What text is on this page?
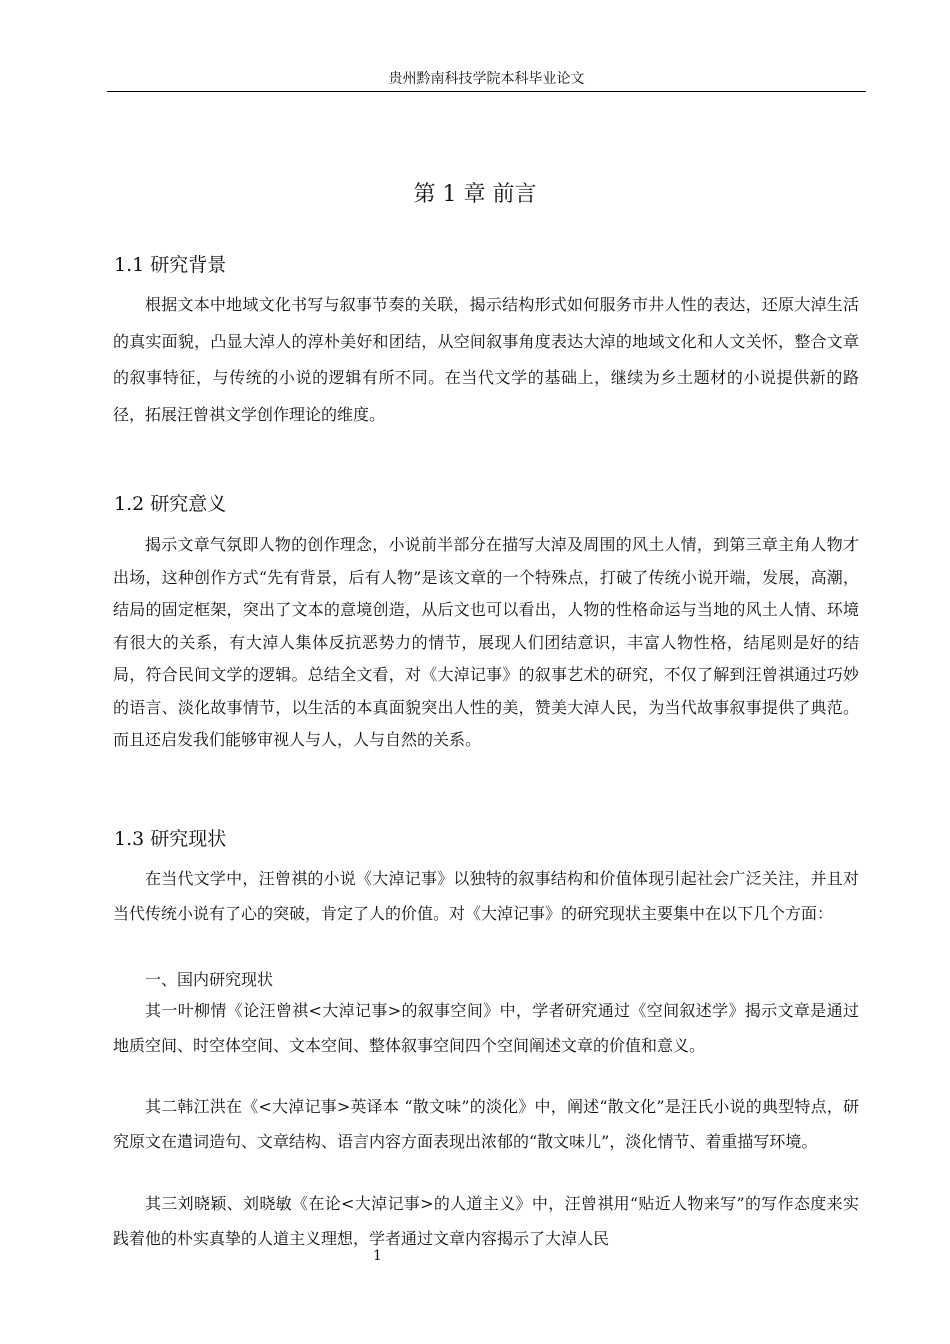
贵州黔南科技学院本科毕业论文
第 1 章 前言
1.1 研究背景

根据文本中地域文化书写与叙事节奏的关联，揭示结构形式如何服务市井人性的表达，还原大淖生活的真实面貌，凸显大淖人的淳朴美好和团结，从空间叙事角度表达大淖的地域文化和人文关怀，整合文章的叙事特征，与传统的小说的逻辑有所不同。在当代文学的基础上，继续为乡土题材的小说提供新的路径，拓展汪曾祺文学创作理论的维度。

1.2 研究意义

揭示文章气氛即人物的创作理念，小说前半部分在描写大淖及周围的风土人情，到第三章主角人物才出场，这种创作方式“先有背景，后有人物”是该文章的一个特殊点，打破了传统小说开端，发展，高潮，结局的固定框架，突出了文本的意境创造，从后文也可以看出，人物的性格命运与当地的风土人情、环境有很大的关系，有大淖人集体反抗恶势力的情节，展现人们团结意识，丰富人物性格，结尾则是好的结局，符合民间文学的逻辑。总结全文看，对《大淖记事》的叙事艺术的研究，不仅了解到汪曾祺通过巧妙的语言、淡化故事情节，以生活的本真面貌突出人性的美，赞美大淖人民，为当代故事叙事提供了典范。而且还启发我们能够审视人与人，人与自然的关系。

1.3 研究现状

在当代文学中，汪曾祺的小说《大淖记事》以独特的叙事结构和价值体现引起社会广泛关注，并且对当代传统小说有了心的突破，肯定了人的价值。对《大淖记事》的研究现状主要集中在以下几个方面：

一、国内研究现状

其一叶柳情《论汪曾祺<大淖记事>的叙事空间》中，学者研究通过《空间叙述学》揭示文章是通过地质空间、时空体空间、文本空间、整体叙事空间四个空间阐述文章的价值和意义。

其二韩江洪在《<大淖记事>英译本 “散文味”的淡化》中，阐述“散文化”是汪氏小说的典型特点，研究原文在遣词造句、文章结构、语言内容方面表现出浓郁的“散文味儿”，淡化情节、着重描写环境。

其三刘晓颖、刘晓敏《在论<大淖记事>的人道主义》中，汪曾祺用“贴近人物来写”的写作态度来实践着他的朴实真挚的人道主义理想，学者通过文章内容揭示了大淖人民

1
